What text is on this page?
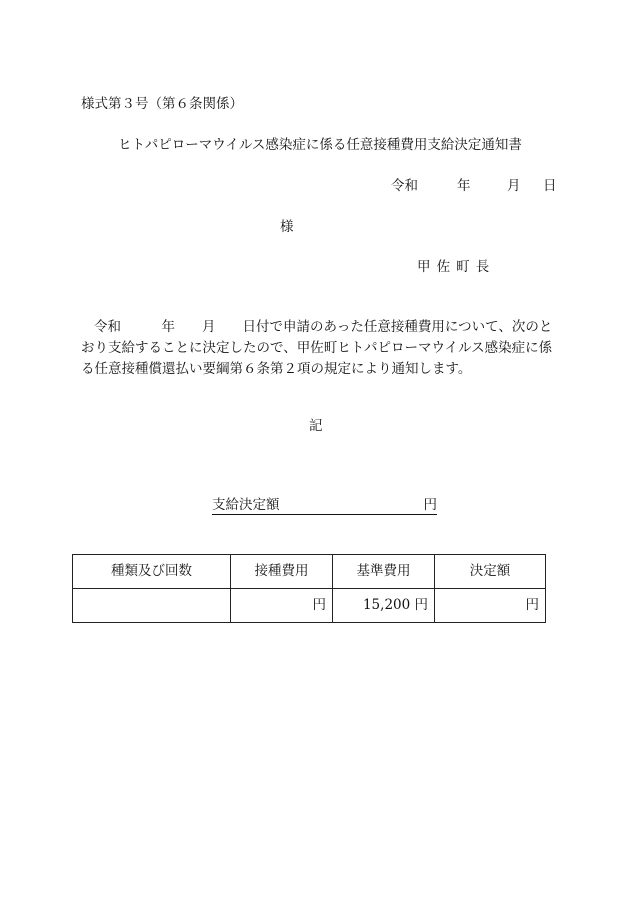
様式第３号（第６条関係）
ヒトパピローマウイルス感染症に係る任意接種費用支給決定通知書
令和	年	月 日
様
甲佐町長
令和　　　年　　月　　日付で申請のあった任意接種費用について、次のと
おり支給することに決定したので、甲佐町ヒトパピローマウイルス感染症に係
る任意接種償還払い要綱第６条第２項の規定により通知します。
記
支給決定額	円
種類及び回数	接種費用	基準費用	決定額
	円	15,200 円	円
